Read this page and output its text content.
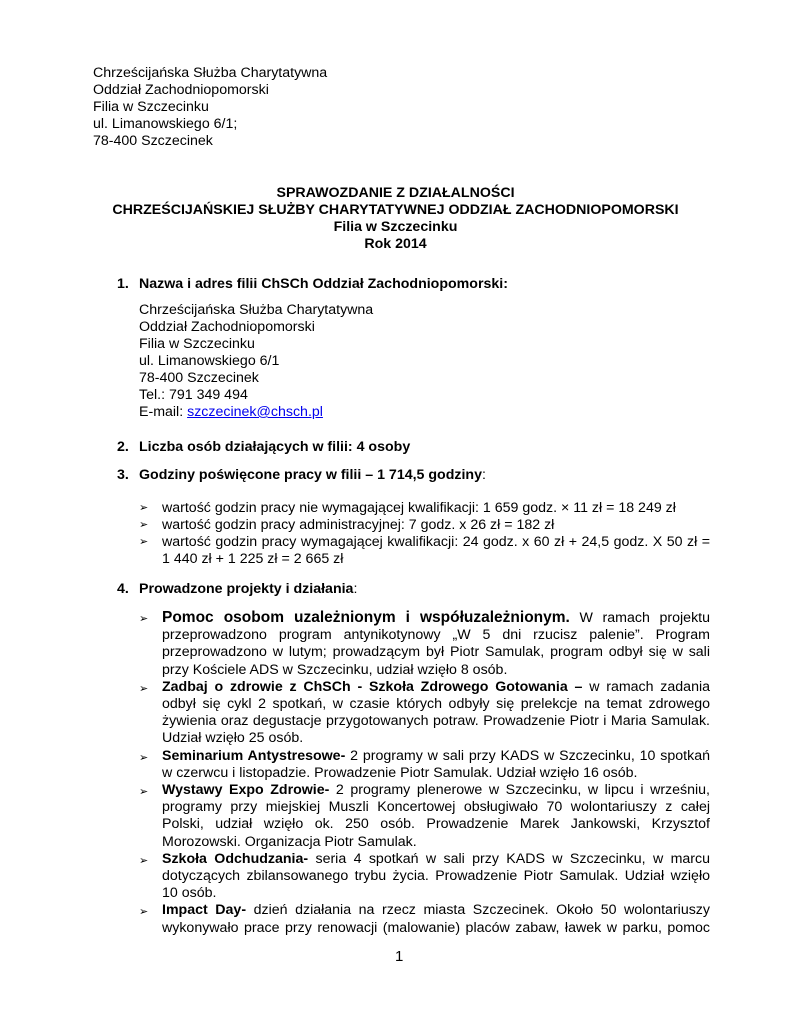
Chrześcijańska Służba Charytatywna
Oddział Zachodniopomorski
Filia w Szczecinku
ul. Limanowskiego 6/1;
78-400 Szczecinek
SPRAWOZDANIE Z DZIAŁALNOŚCI
CHRZEŚCIJAŃSKIEJ SŁUŻBY CHARYTATYWNEJ ODDZIAŁ ZACHODNIOPOMORSKI
Filia w Szczecinku
Rok 2014
1. Nazwa i adres filii ChSCh Oddział Zachodniopomorski:
Chrześcijańska Służba Charytatywna
Oddział Zachodniopomorski
Filia w Szczecinku
ul. Limanowskiego 6/1
78-400 Szczecinek
Tel.: 791 349 494
E-mail: szczecinek@chsch.pl
2. Liczba osób działających w filii: 4 osoby
3. Godziny poświęcone pracy w filii – 1 714,5 godziny:
➢ wartość godzin pracy nie wymagającej kwalifikacji: 1 659 godz. × 11 zł = 18 249 zł
➢ wartość godzin pracy administracyjnej: 7 godz. x 26 zł = 182 zł
➢ wartość godzin pracy wymagającej kwalifikacji: 24 godz. x 60 zł + 24,5 godz. X 50 zł = 1 440 zł + 1 225 zł = 2 665 zł
4. Prowadzone projekty i działania:
➢ Pomoc osobom uzależnionym i współuzależnionym. W ramach projektu przeprowadzono program antynikotynowy „W 5 dni rzucisz palenie”. Program przeprowadzono w lutym; prowadzącym był Piotr Samulak, program odbył się w sali przy Kościele ADS w Szczecinku, udział wzięło 8 osób.
➢ Zadbaj o zdrowie z ChSCh - Szkoła Zdrowego Gotowania – w ramach zadania odbył się cykl 2 spotkań, w czasie których odbyły się prelekcje na temat zdrowego żywienia oraz degustacje przygotowanych potraw. Prowadzenie Piotr i Maria Samulak. Udział wzięło 25 osób.
➢ Seminarium Antystresowe- 2 programy w sali przy KADS w Szczecinku, 10 spotkań w czerwcu i listopadzie. Prowadzenie Piotr Samulak. Udział wzięło 16 osób.
➢ Wystawy Expo Zdrowie- 2 programy plenerowe w Szczecinku, w lipcu i wrześniu, programy przy miejskiej Muszli Koncertowej obsługiwało 70 wolontariuszy z całej Polski, udział wzięło ok. 250 osób. Prowadzenie Marek Jankowski, Krzysztof Morozowski. Organizacja Piotr Samulak.
➢ Szkoła Odchudzania- seria 4 spotkań w sali przy KADS w Szczecinku, w marcu dotyczących zbilansowanego trybu życia. Prowadzenie Piotr Samulak. Udział wzięło 10 osób.
➢ Impact Day- dzień działania na rzecz miasta Szczecinek. Około 50 wolontariuszy wykonywało prace przy renowacji (malowanie) placów zabaw, ławek w parku, pomoc
1
